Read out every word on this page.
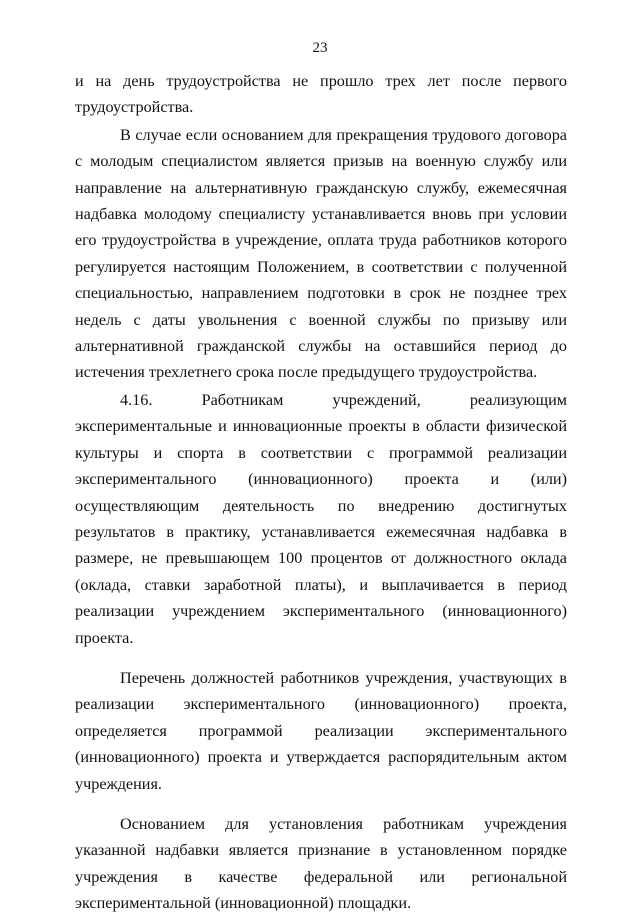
23

и на день трудоустройства не прошло трех лет после первого трудоустройства.

В случае если основанием для прекращения трудового договора с молодым специалистом является призыв на военную службу или направление на альтернативную гражданскую службу, ежемесячная надбавка молодому специалисту устанавливается вновь при условии его трудоустройства в учреждение, оплата труда работников которого регулируется настоящим Положением, в соответствии с полученной специальностью, направлением подготовки в срок не позднее трех недель с даты увольнения с военной службы по призыву или альтернативной гражданской службы на оставшийся период до истечения трехлетнего срока после предыдущего трудоустройства.

4.16. Работникам учреждений, реализующим экспериментальные и инновационные проекты в области физической культуры и спорта в соответствии с программой реализации экспериментального (инновационного) проекта и (или) осуществляющим деятельность по внедрению достигнутых результатов в практику, устанавливается ежемесячная надбавка в размере, не превышающем 100 процентов от должностного оклада (оклада, ставки заработной платы), и выплачивается в период реализации учреждением экспериментального (инновационного) проекта.

Перечень должностей работников учреждения, участвующих в реализации экспериментального (инновационного) проекта, определяется программой реализации экспериментального (инновационного) проекта и утверждается распорядительным актом учреждения.

Основанием для установления работникам учреждения указанной надбавки является признание в установленном порядке учреждения в качестве федеральной или региональной экспериментальной (инновационной) площадки.
